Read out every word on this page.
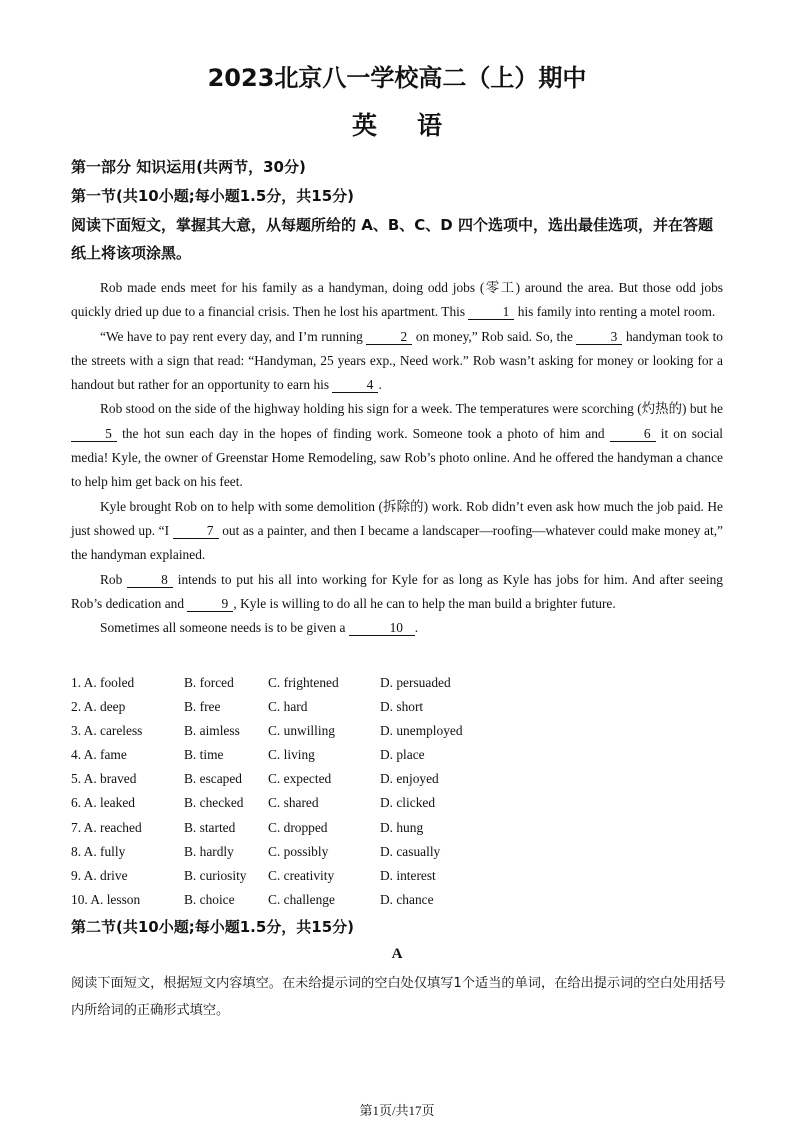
2023北京八一学校高二（上）期中
英语
第一部分 知识运用(共两节，30分)
第一节(共10小题;每小题1.5分，共15分)
阅读下面短文，掌握其大意，从每题所给的 A、B、C、D 四个选项中，选出最佳选项，并在答题纸上将该项涂黑。

Rob made ends meet for his family as a handyman, doing odd jobs (零工) around the area. But those odd jobs quickly dried up due to a financial crisis. Then he lost his apartment. This	1 his family into renting a motel room.

“We have to pay rent every day, and I’m running	2 on money,” Rob said. So, the	3 handyman took to the streets with a sign that read: “Handyman, 25 years exp., Need work.” Rob wasn’t asking for money or looking for a handout but rather for an opportunity to earn his	4 .

Rob stood on the side of the highway holding his sign for a week. The temperatures were scorching (灼热的) but he 5 the hot sun each day in the hopes of finding work. Someone took a photo of him and	6 it on social media! Kyle, the owner of Greenstar Home Remodeling, saw Rob’s photo online. And he offered the handyman a chance to help him get back on his feet.

Kyle brought Rob on to help with some demolition (拆除的) work. Rob didn’t even ask how much the job paid. He just showed up. “I	7 out as a painter, and then I became a landscaper—roofing—whatever could make money at,” the handyman explained.

Rob	8 intends to put his all into working for Kyle for as long as Kyle has jobs for him. And after seeing Rob’s dedication and	9 , Kyle is willing to do all he can to help the man build a brighter future.

Sometimes all someone needs is to be given a	10 .

1. A. fooled	B. forced	C. frightened	D. persuaded
2. A. deep	B. free	C. hard	D. short
3. A. careless	B. aimless C. unwilling	D. unemployed
4. A. fame	B. time	C. living	D. place
5. A. braved	B. escaped C. expected	D. enjoyed
6. A. leaked	B. checked C. shared	D. clicked
7. A. reached	B. started C. dropped	D. hung
8. A. fully	B. hardly	C. possibly	D. casually
9. A. drive	B. curiosity C. creativity	D. interest
10. A. lesson	B. choice C. challenge	D. chance
第二节(共10小题;每小题1.5分，共15分)
A
阅读下面短文，根据短文内容填空。在未给提示词的空白处仅填写1个适当的单词，在给出提示词的空白处用括号内所给词的正确形式填空。
第1页/共17页
